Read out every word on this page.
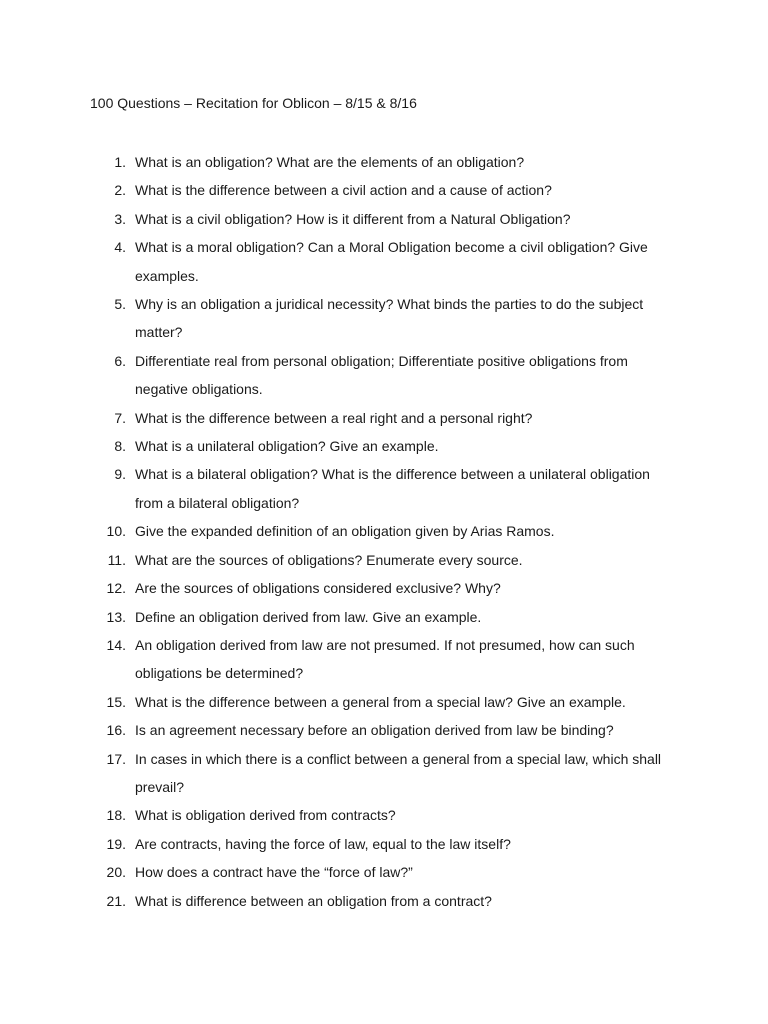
100 Questions – Recitation for Oblicon – 8/15 & 8/16
1. What is an obligation? What are the elements of an obligation?
2. What is the difference between a civil action and a cause of action?
3. What is a civil obligation? How is it different from a Natural Obligation?
4. What is a moral obligation? Can a Moral Obligation become a civil obligation? Give examples.
5. Why is an obligation a juridical necessity? What binds the parties to do the subject matter?
6. Differentiate real from personal obligation; Differentiate positive obligations from negative obligations.
7. What is the difference between a real right and a personal right?
8. What is a unilateral obligation? Give an example.
9. What is a bilateral obligation? What is the difference between a unilateral obligation from a bilateral obligation?
10. Give the expanded definition of an obligation given by Arias Ramos.
11. What are the sources of obligations? Enumerate every source.
12. Are the sources of obligations considered exclusive? Why?
13. Define an obligation derived from law. Give an example.
14. An obligation derived from law are not presumed. If not presumed, how can such obligations be determined?
15. What is the difference between a general from a special law? Give an example.
16. Is an agreement necessary before an obligation derived from law be binding?
17. In cases in which there is a conflict between a general from a special law, which shall prevail?
18. What is obligation derived from contracts?
19. Are contracts, having the force of law, equal to the law itself?
20. How does a contract have the “force of law?”
21. What is difference between an obligation from a contract?
